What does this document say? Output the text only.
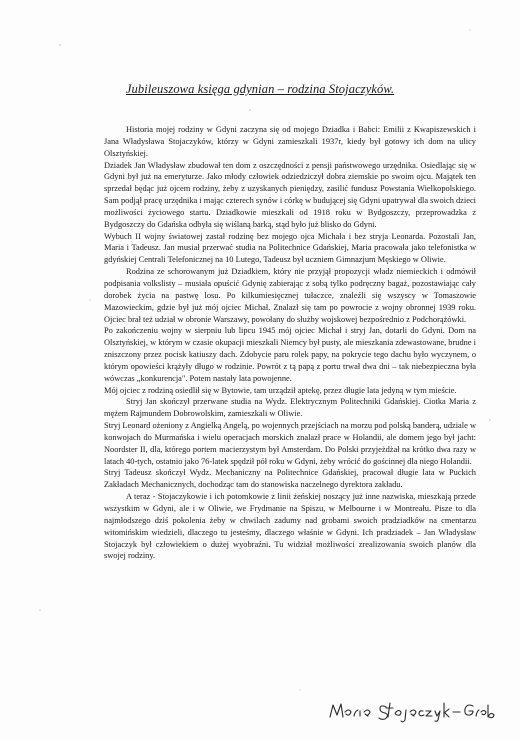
Jubileuszowa księga gdynian – rodzina Stojaczyków.

Historia mojej rodziny w Gdyni zaczyna się od mojego Dziadka i Babci: Emilii z Kwapiszewskich i Jana Władysława Stojaczyków, którzy w Gdyni zamieszkali 1937r, kiedy był gotowy ich dom na ulicy Olsztyńskiej.

Dziadek Jan Władysław zbudował ten dom z oszczędności z pensji państwowego urzędnika. Osiedlając się w Gdyni był już na emeryturze. Jako młody człowiek odziedziczył dobra ziemskie po swoim ojcu. Majątek ten sprzedał będąc już ojcem rodziny, żeby z uzyskanych pieniędzy, zasilić fundusz Powstania Wielkopolskiego. Sam podjął pracę urzędnika i mając czterech synów i córkę w budującej się Gdyni upatrywał dla swoich dzieci możliwości życiowego startu. Dziadkowie mieszkali od 1918 roku w Bydgoszczy, przeprowadzka z Bydgoszczy do Gdańska odbyła się wiślaną barką, stąd było już blisko do Gdyni.

Wybuch II wojny światowej zastał rodzinę bez mojego ojca Michała i bez stryja Leonarda. Pozostali Jan, Maria i Tadeusz. Jan musiał przerwać studia na Politechnice Gdańskiej, Maria pracowała jako telefonistka w gdyńskiej Centrali Telefonicznej na 10 Lutego, Tadeusz był uczniem Gimnazjum Męskiego w Oliwie.

Rodzina ze schorowanym już Dziadkiem, który nie przyjął propozycji władz niemieckich i odmówił podpisania volkslisty – musiała opuścić Gdynię zabierając z sobą tylko podręczny bagaż, pozostawiając cały dorobek życia na pastwę losu. Po kilkumiesięcznej tułaczce, znaleźli się wszyscy w Tomaszowie Mazowieckim, gdzie był już mój ojciec Michał. Znalazł się tam po powrocie z wojny obronnej 1939 roku. Ojciec brał też udział w obronie Warszawy, powołany do służby wojskowej bezpośrednio z Podchorążówki.

Po zakończeniu wojny w sierpniu lub lipcu 1945 mój ojciec Michał i stryj Jan, dotarli do Gdyni. Dom na Olsztyńskiej, w którym w czasie okupacji mieszkali Niemcy był pusty, ale mieszkania zdewastowane, brudne i zniszczony przez pocisk katiuszy dach. Zdobycie paru rolek papy, na pokrycie tego dachu było wyczynem, o którym opowieści krążyły długo w rodzinie. Powrót z tą papą z portu trwał dwa dni – tak niebezpieczna była wówczas „konkurencja". Potem nastały lata powojenne.

Mój ojciec z rodziną osiedlił się w Bytowie, tam urządził aptekę, przez długie lata jedyną w tym mieście.

Stryj Jan skończył przerwane studia na Wydz. Elektrycznym Politechniki Gdańskiej. Ciotka Maria z mężem Rajmundem Dobrowolskim, zamieszkali w Oliwie.

Stryj Leonard ożeniony z Angielką Angelą, po wojennych przejściach na morzu pod polską banderą, udziale w konwojach do Murmańska i wielu operacjach morskich znalazł prace w Holandii, ale domem jego był jacht: Noordster II, dla, którego portem macierzystym był Amsterdam. Do Polski przyjeżdżał na krótko dwa razy w latach 40-tych, ostatnio jako 76-latek spędził pół roku w Gdyni, żeby wrócić do gościnnej dla niego Holandii.

Stryj Tadeusz skończył Wydz. Mechaniczny na Politechnice Gdańskiej, pracował długie lata w Puckich Zakładach Mechanicznych, dochodząc tam do stanowiska naczelnego dyrektora zakładu.

A teraz - Stojaczykowie i ich potomkowie z linii żeńskiej noszący już inne nazwiska, mieszkają przede wszystkim w Gdyni, ale i w Oliwie, we Frydmanie na Spiszu, w Melbourne i w Montreału. Pisze to dla najmłodszego dziś pokolenia żeby w chwilach zadumy nad grobami swoich pradziadków na cmentarzu witomińskim wiedzieli, dlaczego tu jesteśmy, dlaczego właśnie w Gdyni. Ich pradziadek – Jan Władysław Stojaczyk był człowiekiem o dużej wyobraźni. Tu widział możliwości zrealizowania swoich planów dla swojej rodziny.
